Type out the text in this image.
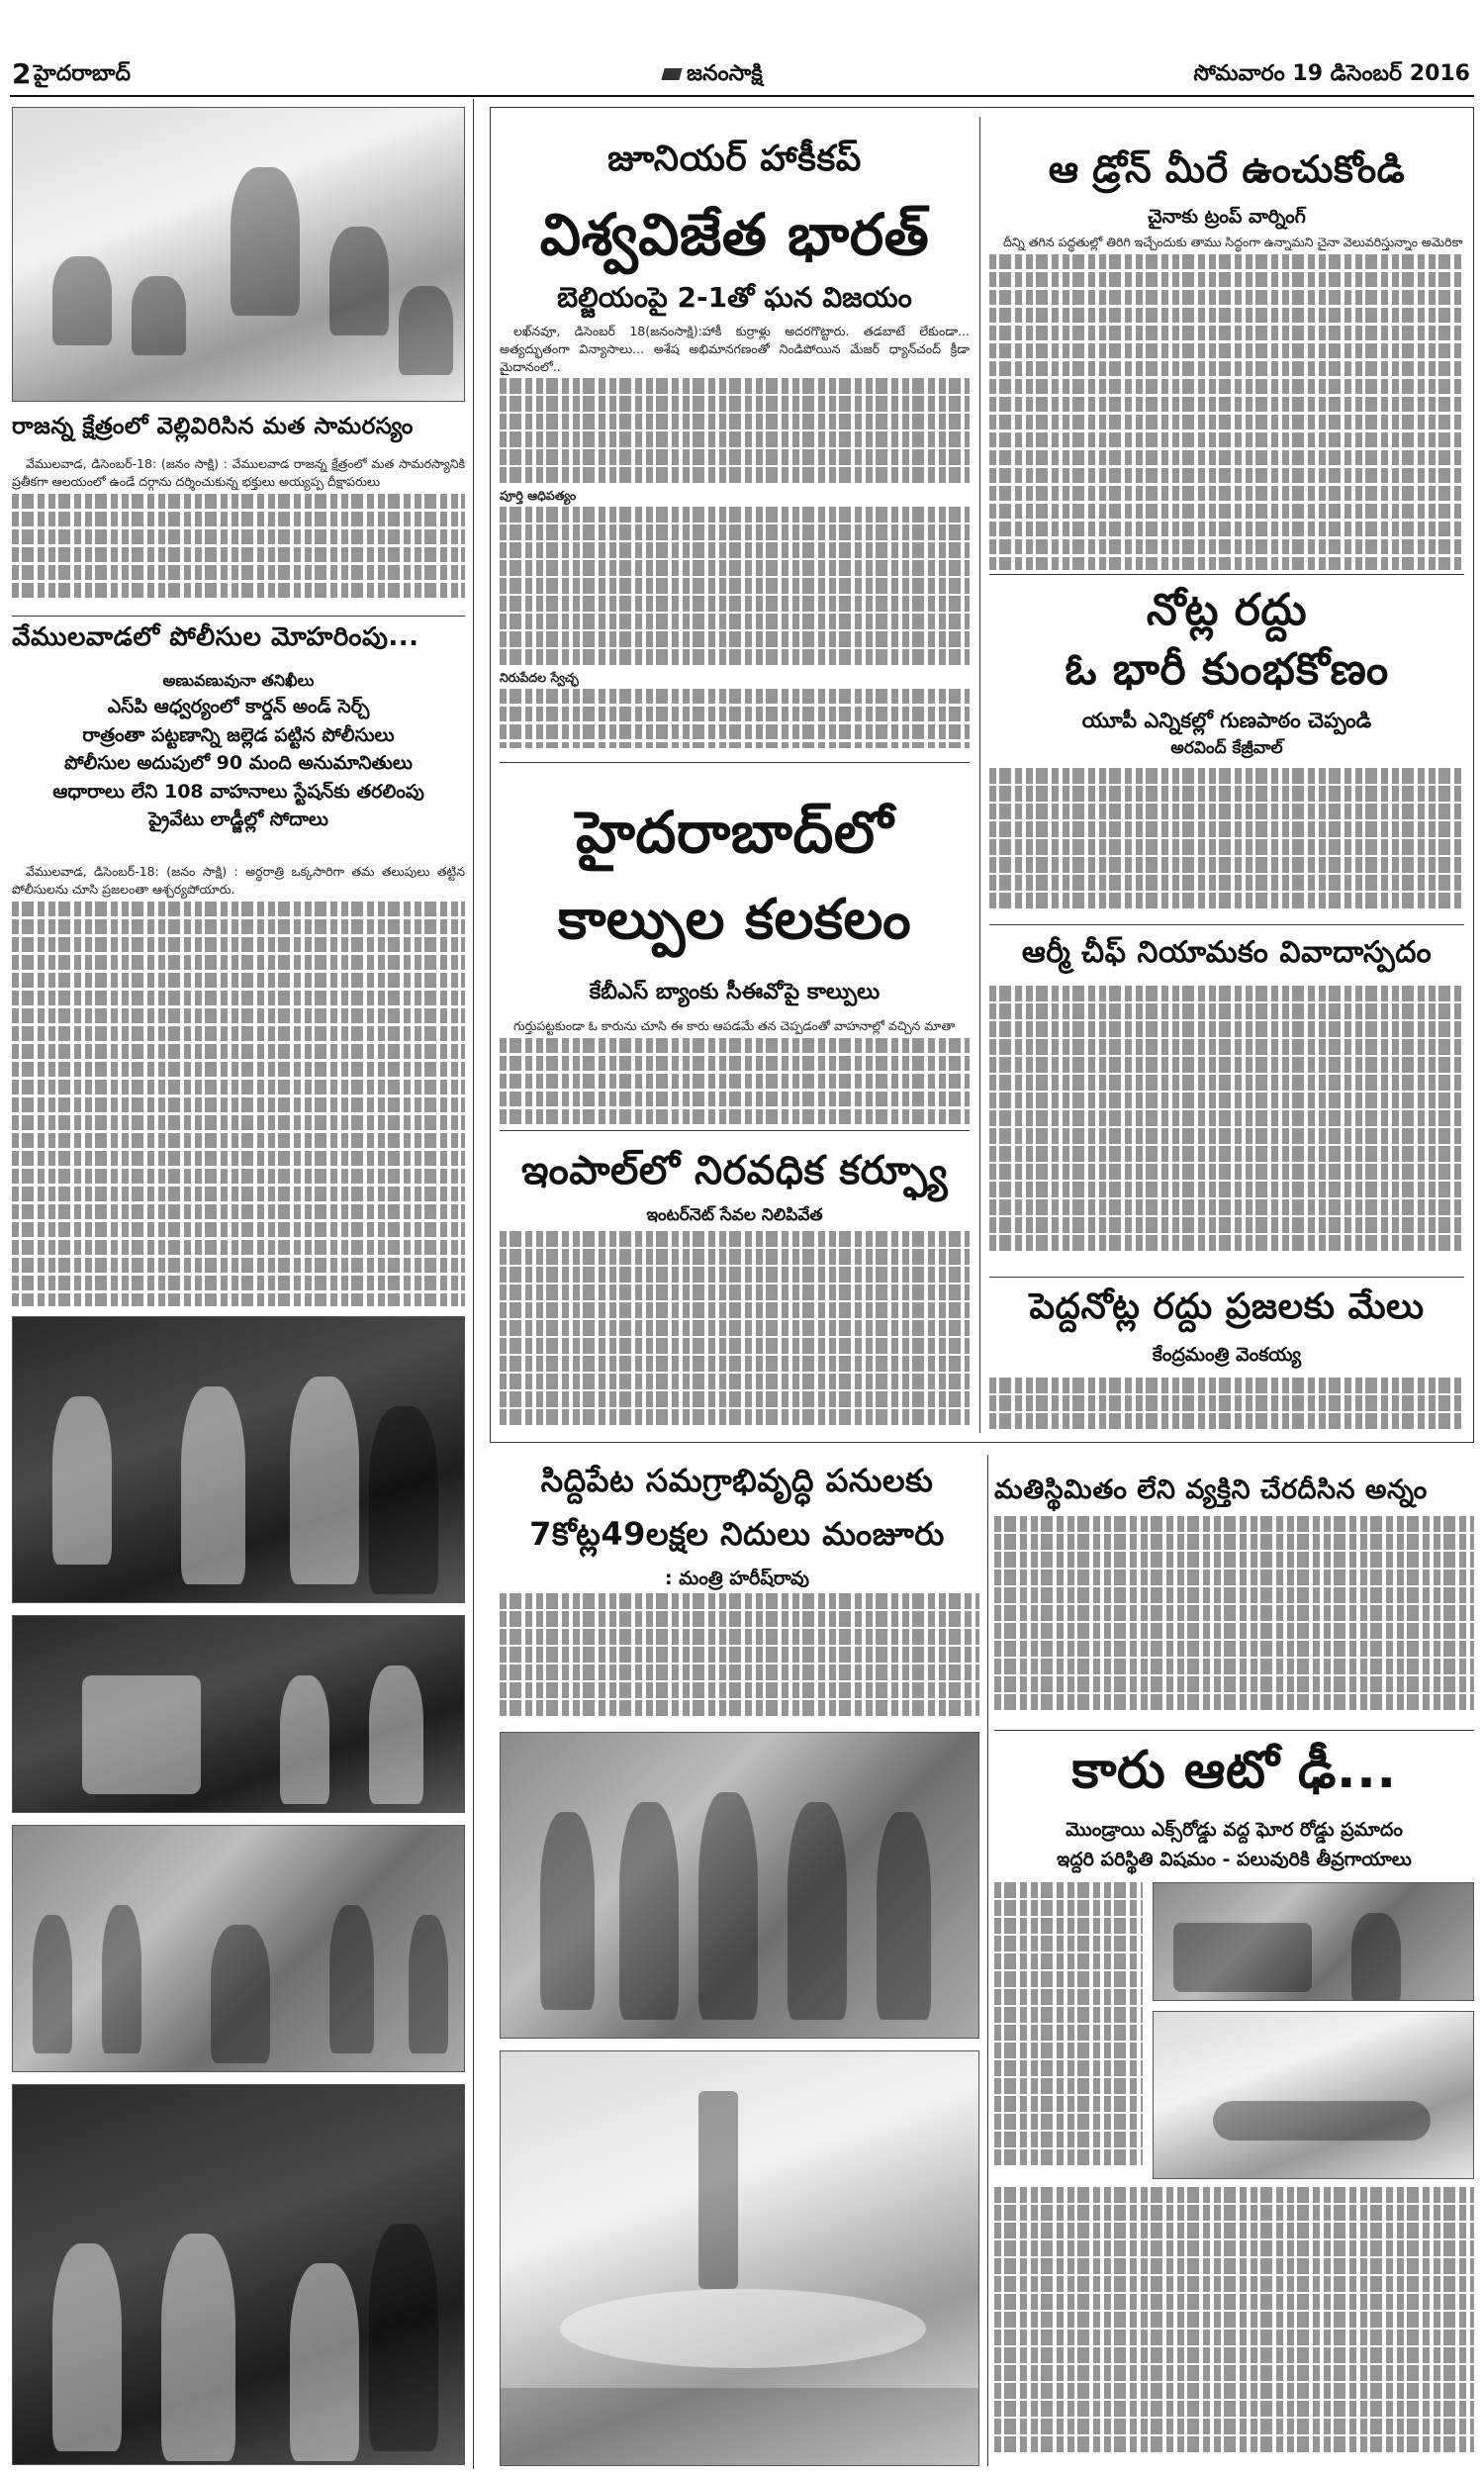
2 హైదరాబాద్	జనంసాక్షి	సోమవారం 19 డిసెంబర్ 2016
రాజన్న క్షేత్రంలో వెల్లివిరిసిన మత సామరస్యం

వేములవాడ, డిసెంబర్-18: (జనం సాక్షి) : వేములవాడ రాజన్న క్షేత్రంలో మత సామరస్యానికి ప్రతీకగా ఆలయంలో ఉండే దర్గాను దర్శించుకున్న భక్తులు అయ్యప్ప దీక్షాపరులు

వేములవాడలో పోలీసుల మోహరింపు...
అణువణువునా తనిఖీలు
ఎస్‌పి ఆధ్వర్యంలో కార్డన్ అండ్ సెర్చ్
రాత్రంతా పట్టణాన్ని జల్లెడ పట్టిన పోలీసులు
పోలీసుల అదుపులో 90 మంది అనుమానితులు
ఆధారాలు లేని 108 వాహనాలు స్టేషన్‌కు తరలింపు
ప్రైవేటు లాడ్జీల్లో సోదాలు

వేములవాడ, డిసెంబర్-18: (జనం సాక్షి) : అర్ధరాత్రి ఒక్కసారిగా తమ తలుపులు తట్టిన పోలీసులను చూసి ప్రజలంతా ఆశ్చర్యపోయారు.

జూనియర్ హాకీకప్
విశ్వవిజేత భారత్
బెల్జియంపై 2-1తో ఘన విజయం

లఖ్‌నవూ, డిసెంబర్ 18(జనంసాక్షి):హాకీ కుర్రాళ్లు అదరగొట్టారు. తడబాటే లేకుండా... అత్యద్భుతంగా విన్యాసాలు... అశేష అభిమానగణంతో నిండిపోయిన మేజర్ ధ్యాన్‌చంద్ క్రీడా మైదానంలో..

పూర్తి ఆధిపత్యం
నిరుపేదల స్వేచ్ఛ
హైదరాబాద్‌లో
కాల్పుల కలకలం
కేబీఎస్ బ్యాంకు సీఈవోపై కాల్పులు

గుర్తుపట్టకుండా ఓ కారును చూసి ఈ కారు ఆపడమే తన చెప్పడంతో వాహనాల్లో వచ్చిన మాతా

ఇంపాల్‌లో నిరవధిక కర్ఫ్యూ
ఇంటర్‌నెట్ సేవల నిలిపివేత
ఆ డ్రోన్ మీరే ఉంచుకోండి
చైనాకు ట్రంప్ వార్నింగ్

దీన్ని తగిన పద్ధతుల్లో తిరిగి ఇచ్చేందుకు తాము సిద్ధంగా ఉన్నామని చైనా వెలువరిస్తున్నాం అమెరికా

నోట్ల రద్దు
ఓ భారీ కుంభకోణం
యూపీ ఎన్నికల్లో గుణపాఠం చెప్పండి
అరవింద్ కేజ్రీవాల్
ఆర్మీ చీఫ్ నియామకం వివాదాస్పదం
పెద్దనోట్ల రద్దు ప్రజలకు మేలు
కేంద్రమంత్రి వెంకయ్య
సిద్దిపేట సమగ్రాభివృద్ధి పనులకు
7కోట్ల49లక్షల నిదులు మంజూరు
: మంత్రి హరీష్‌రావు
మతిస్థిమితం లేని వ్యక్తిని చేరదీసిన అన్నం
కారు ఆటో ఢీ...
మొండ్రాయి ఎక్స్‌రోడ్డు వద్ద ఘోర రోడ్డు ప్రమాదం
ఇద్దరి పరిస్థితి విషమం - పలువురికి తీవ్రగాయాలు
